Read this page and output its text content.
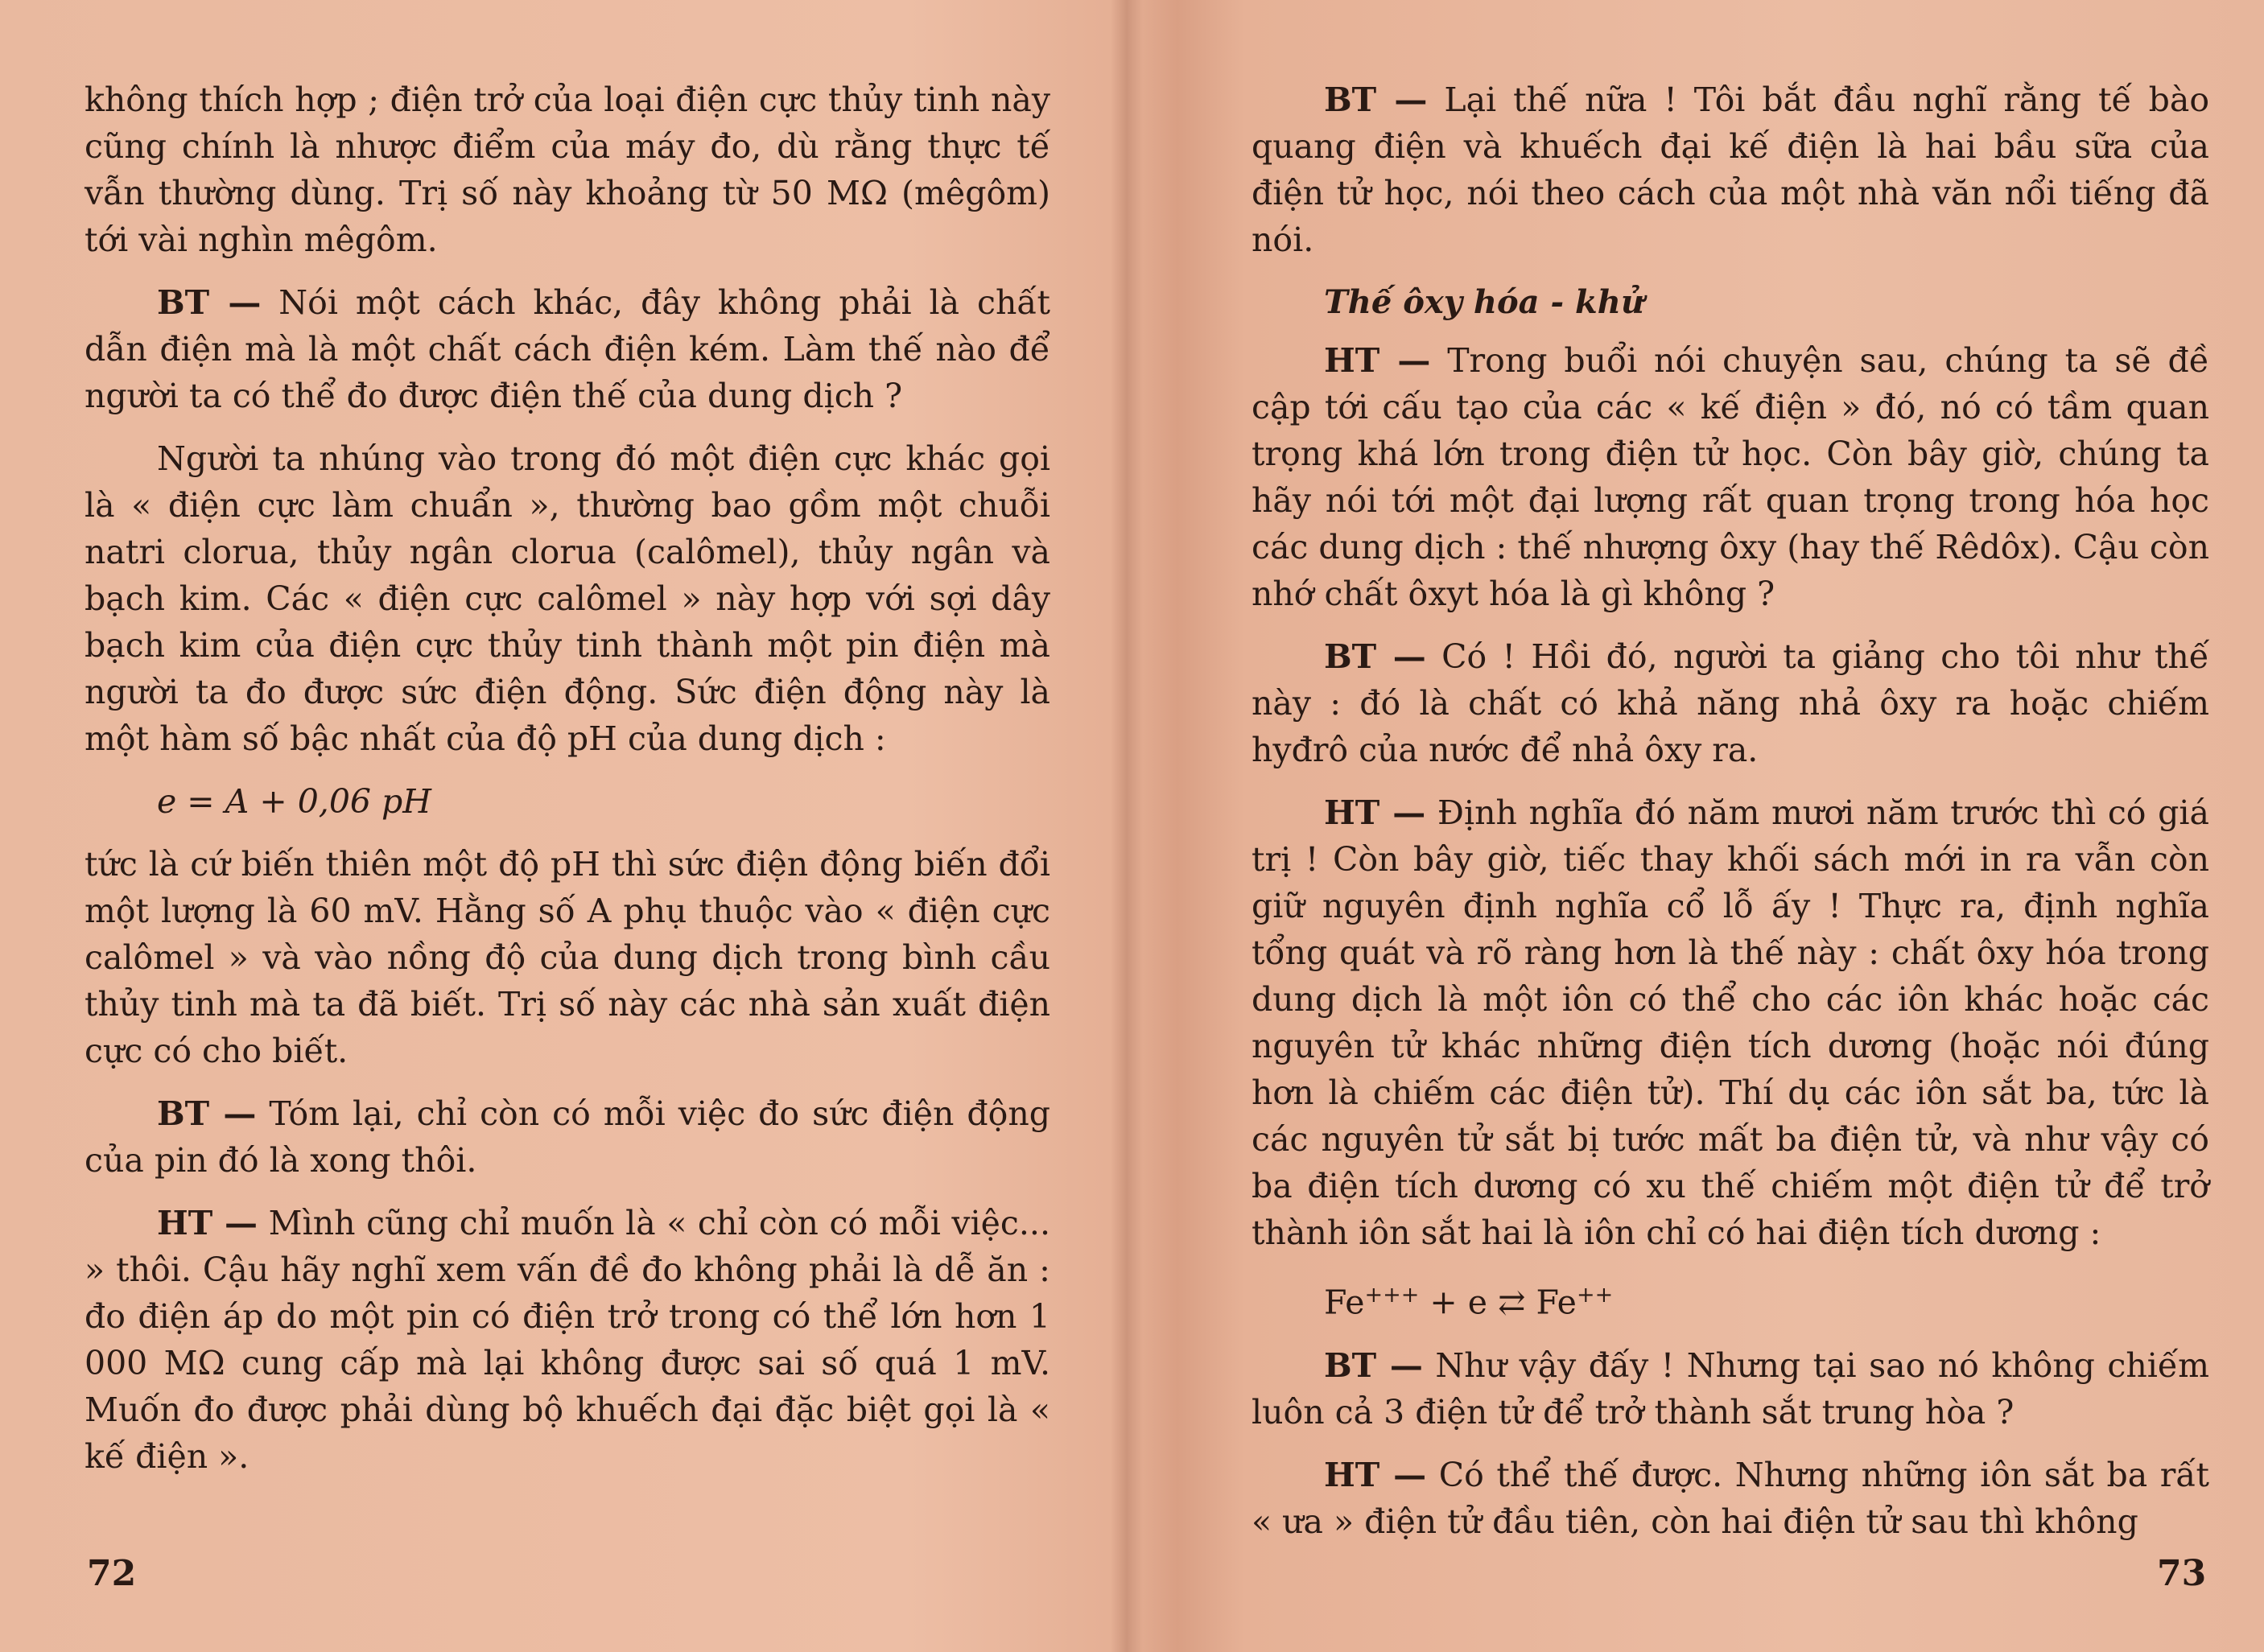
không thích hợp ; điện trở của loại điện cực thủy tinh này cũng chính là nhược điểm của máy đo, dù rằng thực tế vẫn thường dùng. Trị số này khoảng từ 50 MΩ (mêgôm) tới vài nghìn mêgôm.

BT — Nói một cách khác, đây không phải là chất dẫn điện mà là một chất cách điện kém. Làm thế nào để người ta có thể đo được điện thế của dung dịch ?

Người ta nhúng vào trong đó một điện cực khác gọi là « điện cực làm chuẩn », thường bao gồm một chuỗi natri clorua, thủy ngân clorua (calômel), thủy ngân và bạch kim. Các « điện cực calômel » này hợp với sợi dây bạch kim của điện cực thủy tinh thành một pin điện mà người ta đo được sức điện động. Sức điện động này là một hàm số bậc nhất của độ pH của dung dịch :

e = A + 0,06 pH

tức là cứ biến thiên một độ pH thì sức điện động biến đổi một lượng là 60 mV. Hằng số A phụ thuộc vào « điện cực calômel » và vào nồng độ của dung dịch trong bình cầu thủy tinh mà ta đã biết. Trị số này các nhà sản xuất điện cực có cho biết.

BT — Tóm lại, chỉ còn có mỗi việc đo sức điện động của pin đó là xong thôi.

HT — Mình cũng chỉ muốn là « chỉ còn có mỗi việc... » thôi. Cậu hãy nghĩ xem vấn đề đo không phải là dễ ăn : đo điện áp do một pin có điện trở trong có thể lớn hơn 1 000 MΩ cung cấp mà lại không được sai số quá 1 mV. Muốn đo được phải dùng bộ khuếch đại đặc biệt gọi là « kế điện ».

72

BT — Lại thế nữa ! Tôi bắt đầu nghĩ rằng tế bào quang điện và khuếch đại kế điện là hai bầu sữa của điện tử học, nói theo cách của một nhà văn nổi tiếng đã nói.

Thế ôxy hóa - khử

HT — Trong buổi nói chuyện sau, chúng ta sẽ đề cập tới cấu tạo của các « kế điện » đó, nó có tầm quan trọng khá lớn trong điện tử học. Còn bây giờ, chúng ta hãy nói tới một đại lượng rất quan trọng trong hóa học các dung dịch : thế nhượng ôxy (hay thế Rêdôx). Cậu còn nhớ chất ôxyt hóa là gì không ?

BT — Có ! Hồi đó, người ta giảng cho tôi như thế này : đó là chất có khả năng nhả ôxy ra hoặc chiếm hyđrô của nước để nhả ôxy ra.

HT — Định nghĩa đó năm mươi năm trước thì có giá trị ! Còn bây giờ, tiếc thay khối sách mới in ra vẫn còn giữ nguyên định nghĩa cổ lỗ ấy ! Thực ra, định nghĩa tổng quát và rõ ràng hơn là thế này : chất ôxy hóa trong dung dịch là một iôn có thể cho các iôn khác hoặc các nguyên tử khác những điện tích dương (hoặc nói đúng hơn là chiếm các điện tử). Thí dụ các iôn sắt ba, tức là các nguyên tử sắt bị tước mất ba điện tử, và như vậy có ba điện tích dương có xu thế chiếm một điện tử để trở thành iôn sắt hai là iôn chỉ có hai điện tích dương :

Fe+++ + e ⇄ Fe++

BT — Như vậy đấy ! Nhưng tại sao nó không chiếm luôn cả 3 điện tử để trở thành sắt trung hòa ?

HT — Có thể thế được. Nhưng những iôn sắt ba rất « ưa » điện tử đầu tiên, còn hai điện tử sau thì không

73
